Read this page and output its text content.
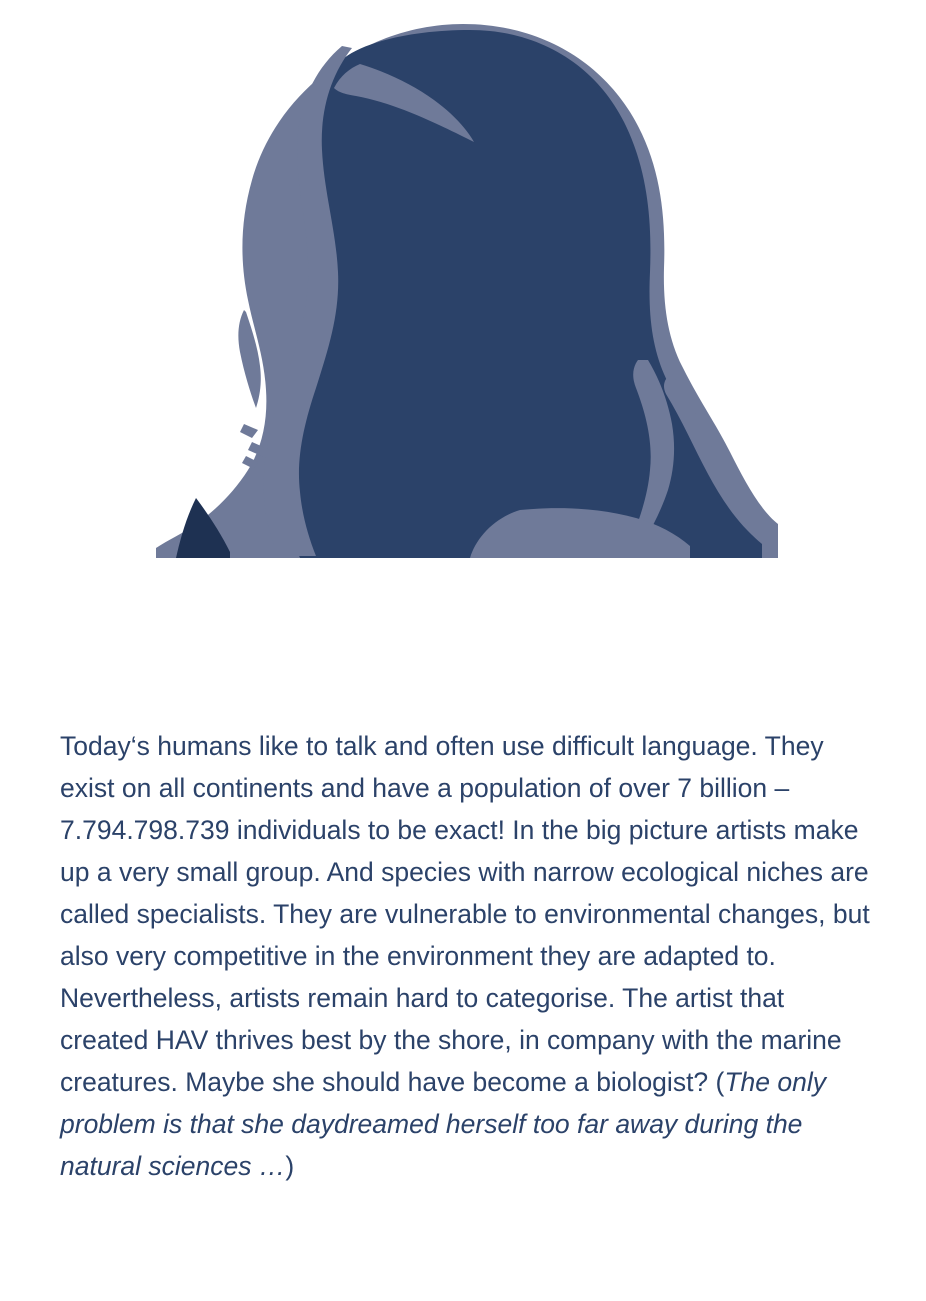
Today‘s humans like to talk and often use difficult language. They exist on all continents and have a population of over 7 billion – 7.794.798.739 individuals to be exact! In the big picture artists make up a very small group. And species with narrow ecological niches are called specialists. They are vulnerable to environmental changes, but also very competitive in the environment they are adapted to. Nevertheless, artists remain hard to categorise. The artist that created HAV thrives best by the shore, in company with the marine creatures. Maybe she should have become a biologist? (The only problem is that she daydreamed herself too far away during the natural sciences …)
